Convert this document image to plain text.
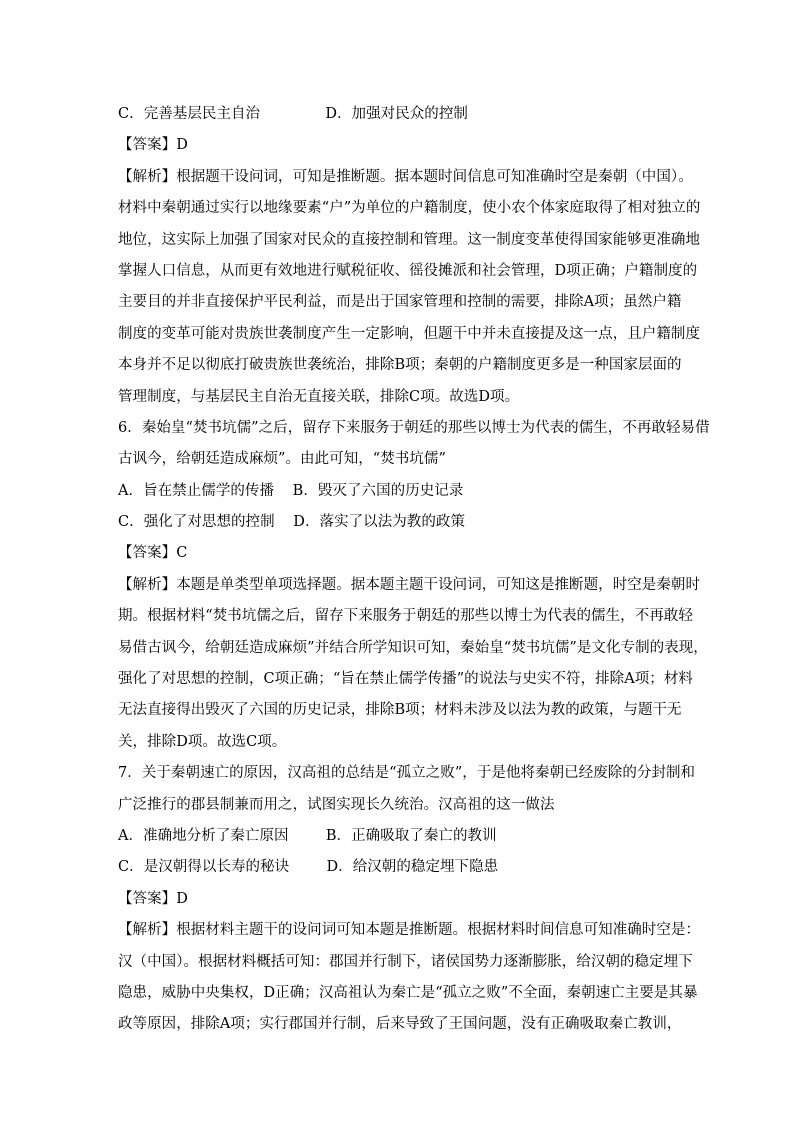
C．完善基层民主自治              D．加强对民众的控制
【答案】D
【解析】根据题干设问词，可知是推断题。据本题时间信息可知准确时空是秦朝（中国）。
材料中秦朝通过实行以地缘要素“户”为单位的户籍制度，使小农个体家庭取得了相对独立的
地位，这实际上加强了国家对民众的直接控制和管理。这一制度变革使得国家能够更准确地
掌握人口信息，从而更有效地进行赋税征收、徭役摊派和社会管理，D项正确；户籍制度的
主要目的并非直接保护平民利益，而是出于国家管理和控制的需要，排除A项；虽然户籍
制度的变革可能对贵族世袭制度产生一定影响，但题干中并未直接提及这一点，且户籍制度
本身并不足以彻底打破贵族世袭统治，排除B项；秦朝的户籍制度更多是一种国家层面的
管理制度，与基层民主自治无直接关联，排除C项。故选D项。
6．秦始皇“焚书坑儒”之后，留存下来服务于朝廷的那些以博士为代表的儒生，不再敢轻易借
古讽今，给朝廷造成麻烦”。由此可知，“焚书坑儒”
A．旨在禁止儒学的传播    B．毁灭了六国的历史记录
C．强化了对思想的控制    D．落实了以法为教的政策
【答案】C
【解析】本题是单类型单项选择题。据本题主题干设问词，可知这是推断题，时空是秦朝时
期。根据材料“焚书坑儒之后，留存下来服务于朝廷的那些以博士为代表的儒生，不再敢轻
易借古讽今，给朝廷造成麻烦”并结合所学知识可知，秦始皇“焚书坑儒”是文化专制的表现，
强化了对思想的控制，C项正确；“旨在禁止儒学传播”的说法与史实不符，排除A项；材料
无法直接得出毁灭了六国的历史记录，排除B项；材料未涉及以法为教的政策，与题干无
关，排除D项。故选C项。
7．关于秦朝速亡的原因，汉高祖的总结是“孤立之败”，于是他将秦朝已经废除的分封制和
广泛推行的郡县制兼而用之，试图实现长久统治。汉高祖的这一做法
A．准确地分析了秦亡原因        B．正确吸取了秦亡的教训
C．是汉朝得以长寿的秘诀        D．给汉朝的稳定埋下隐患
【答案】D
【解析】根据材料主题干的设问词可知本题是推断题。根据材料时间信息可知准确时空是：
汉（中国）。根据材料概括可知：郡国并行制下，诸侯国势力逐渐膨胀，给汉朝的稳定埋下
隐患，威胁中央集权，D正确；汉高祖认为秦亡是“孤立之败”不全面，秦朝速亡主要是其暴
政等原因，排除A项；实行郡国并行制，后来导致了王国问题，没有正确吸取秦亡教训，
